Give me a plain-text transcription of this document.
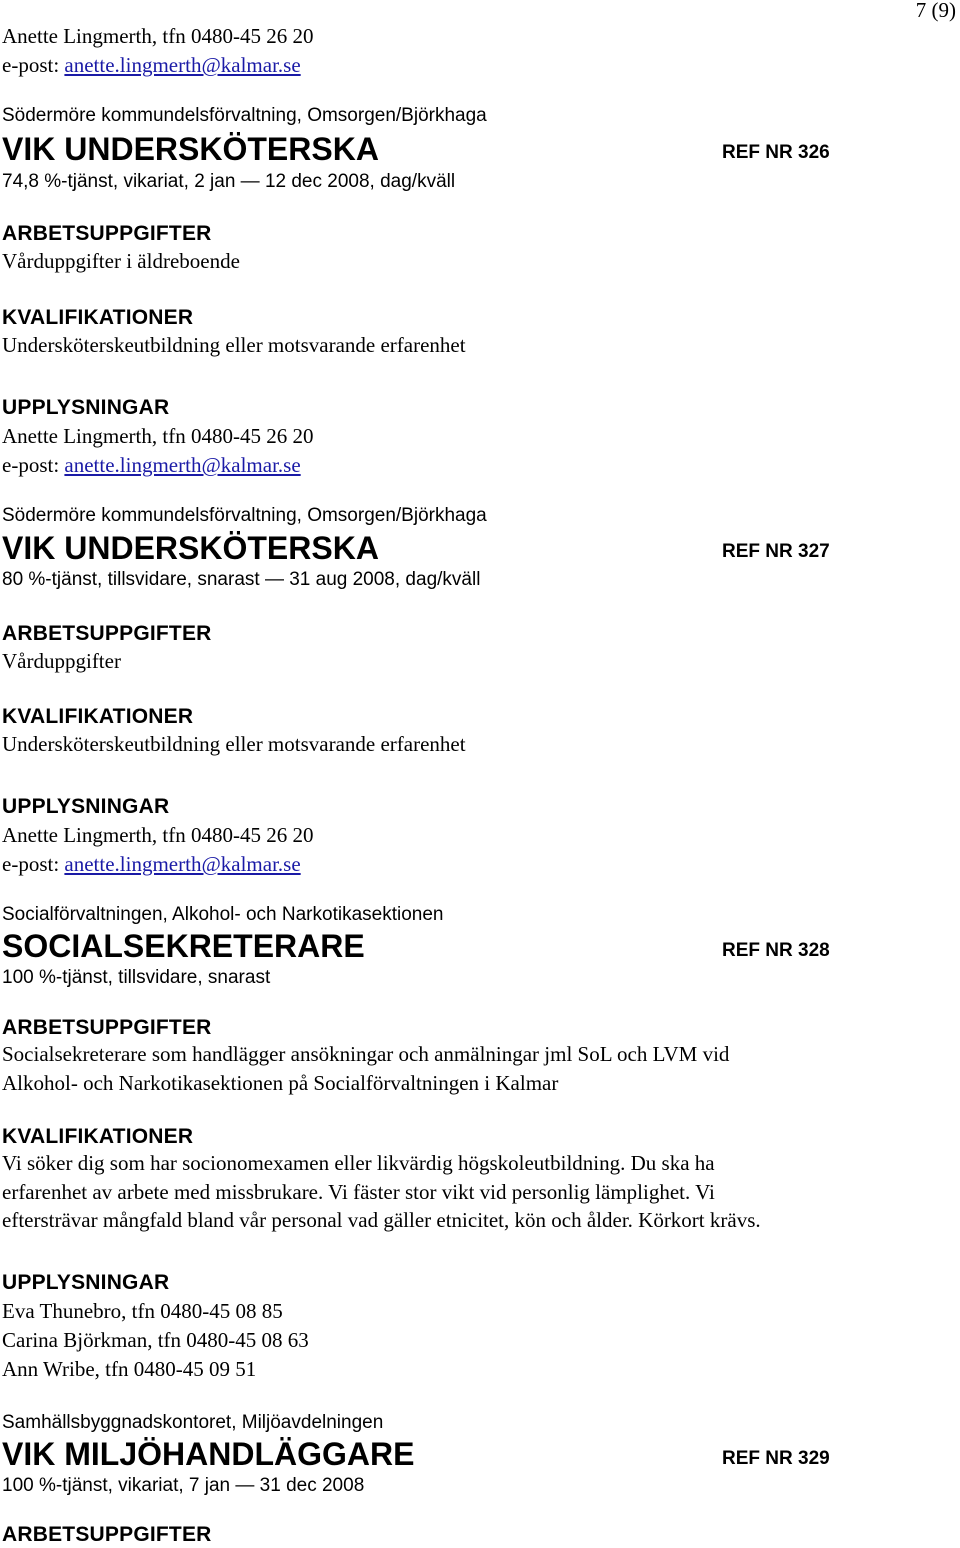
7 (9)
Anette Lingmerth, tfn 0480-45 26 20
e-post: anette.lingmerth@kalmar.se
Södermöre kommundelsförvaltning, Omsorgen/Björkhaga
VIK UNDERSKÖTERSKA	REF NR 326
74,8 %-tjänst, vikariat, 2 jan — 12 dec 2008, dag/kväll
ARBETSUPPGIFTER
Vårduppgifter i äldreboende
KVALIFIKATIONER
Undersköterskeutbildning eller motsvarande erfarenhet
UPPLYSNINGAR
Anette Lingmerth, tfn 0480-45 26 20
e-post: anette.lingmerth@kalmar.se
Södermöre kommundelsförvaltning, Omsorgen/Björkhaga
VIK UNDERSKÖTERSKA	REF NR 327
80 %-tjänst, tillsvidare, snarast — 31 aug 2008, dag/kväll
ARBETSUPPGIFTER
Vårduppgifter
KVALIFIKATIONER
Undersköterskeutbildning eller motsvarande erfarenhet
UPPLYSNINGAR
Anette Lingmerth, tfn 0480-45 26 20
e-post: anette.lingmerth@kalmar.se
Socialförvaltningen, Alkohol- och Narkotikasektionen
SOCIALSEKRETERARE	REF NR 328
100 %-tjänst, tillsvidare, snarast
ARBETSUPPGIFTER
Socialsekreterare som handlägger ansökningar och anmälningar jml SoL och LVM vid
Alkohol- och Narkotikasektionen på Socialförvaltningen i Kalmar
KVALIFIKATIONER
Vi söker dig som har socionomexamen eller likvärdig högskoleutbildning. Du ska ha
erfarenhet av arbete med missbrukare. Vi fäster stor vikt vid personlig lämplighet. Vi
eftersträvar mångfald bland vår personal vad gäller etnicitet, kön och ålder. Körkort krävs.
UPPLYSNINGAR
Eva Thunebro, tfn 0480-45 08 85
Carina Björkman, tfn 0480-45 08 63
Ann Wribe, tfn 0480-45 09 51
Samhällsbyggnadskontoret, Miljöavdelningen
VIK MILJÖHANDLÄGGARE	REF NR 329
100 %-tjänst, vikariat, 7 jan — 31 dec 2008
ARBETSUPPGIFTER
